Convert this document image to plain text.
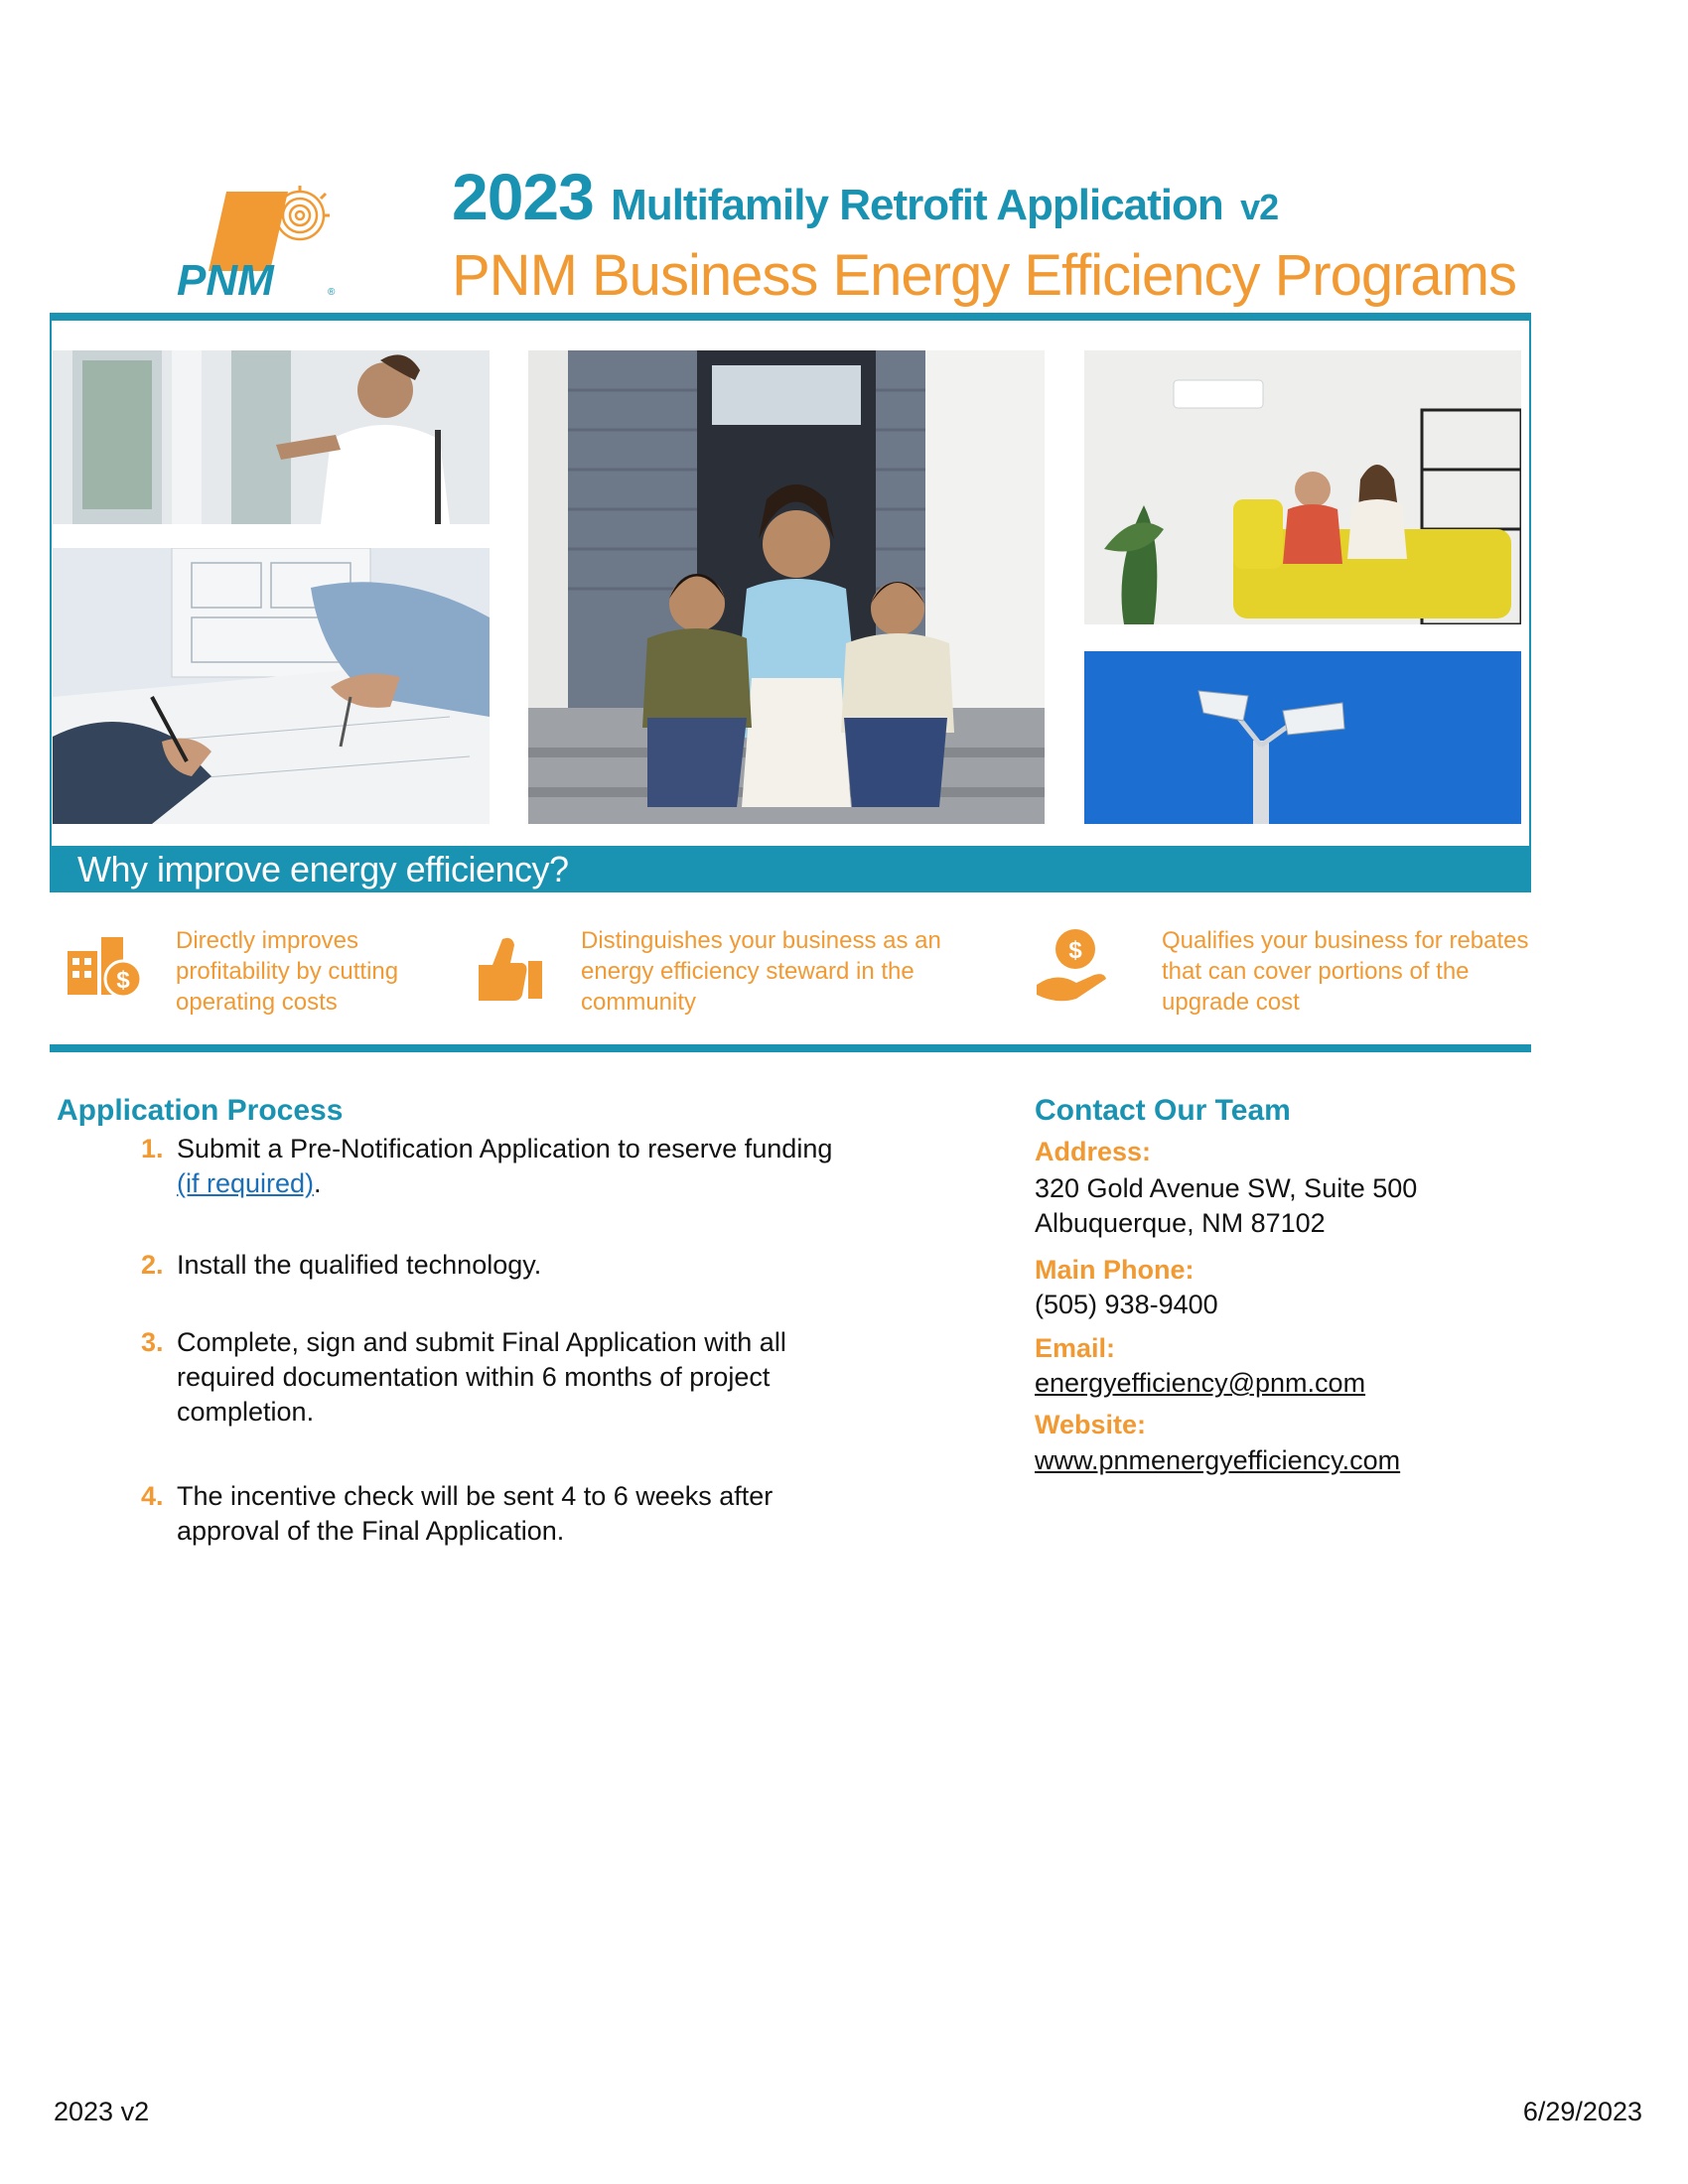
PNM	®
2023 Multifamily Retrofit Application v2
PNM Business Energy Efficiency Programs
Why improve energy efficiency?
$
Directly improves profitability by cutting operating costs
Distinguishes your business as an energy efficiency steward in the community
$	Qualifies your business for rebates that can cover portions of the upgrade cost
Application Process
1. Submit a Pre-Notification Application to reserve funding
(if required).
2. Install the qualified technology.
3. Complete, sign and submit Final Application with all required documentation within 6 months of project completion.
4. The incentive check will be sent 4 to 6 weeks after approval of the Final Application.
Contact Our Team
Address:
320 Gold Avenue SW, Suite 500
Albuquerque, NM 87102
Main Phone:
(505) 938-9400
Email:
energyefficiency@pnm.com
Website:
www.pnmenergyefficiency.com
2023 v2	6/29/2023
